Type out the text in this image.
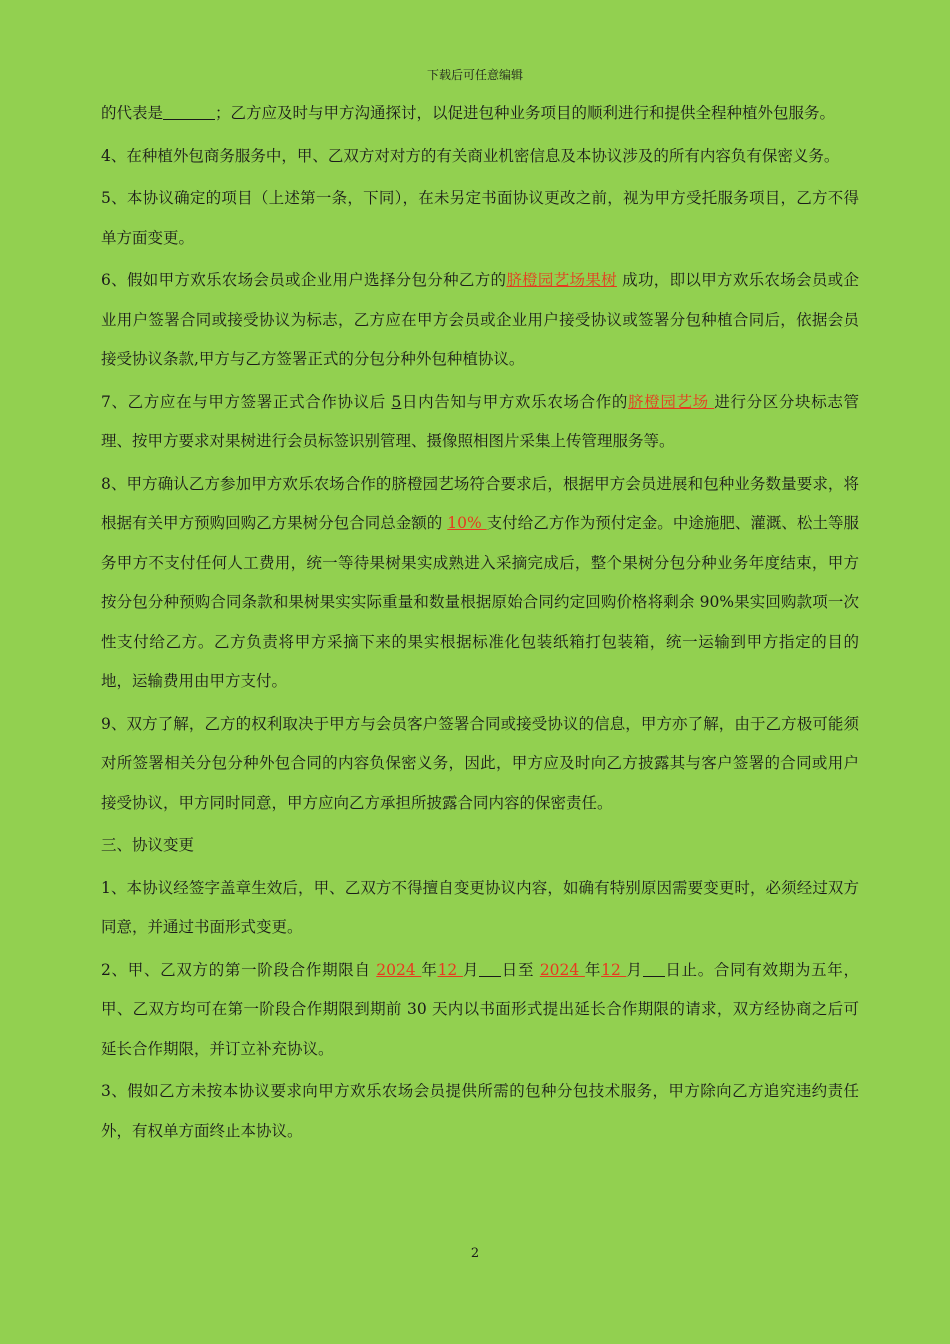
下载后可任意编辑

的代表是	；乙方应及时与甲方沟通探讨，以促进包种业务项目的顺利进行和提供全程种植外包服务。

4、在种植外包商务服务中，甲、乙双方对对方的有关商业机密信息及本协议涉及的所有内容负有保密义务。

5、本协议确定的项目（上述第一条，下同），在未另定书面协议更改之前，视为甲方受托服务项目，乙方不得单方面变更。

6、假如甲方欢乐农场会员或企业用户选择分包分种乙方的脐橙园艺场果树 成功，即以甲方欢乐农场会员或企业用户签署合同或接受协议为标志，乙方应在甲方会员或企业用户接受协议或签署分包种植合同后，依据会员接受协议条款,甲方与乙方签署正式的分包分种外包种植协议。

7、乙方应在与甲方签署正式合作协议后 5日内告知与甲方欢乐农场合作的脐橙园艺场 进行分区分块标志管理、按甲方要求对果树进行会员标签识别管理、摄像照相图片采集上传管理服务等。

8、甲方确认乙方参加甲方欢乐农场合作的脐橙园艺场符合要求后，根据甲方会员进展和包种业务数量要求，将根据有关甲方预购回购乙方果树分包合同总金额的 10% 支付给乙方作为预付定金。中途施肥、灌溉、松土等服务甲方不支付任何人工费用，统一等待果树果实成熟进入采摘完成后，整个果树分包分种业务年度结束，甲方按分包分种预购合同条款和果树果实实际重量和数量根据原始合同约定回购价格将剩余 90%果实回购款项一次性支付给乙方。乙方负责将甲方采摘下来的果实根据标准化包装纸箱打包装箱，统一运输到甲方指定的目的地，运输费用由甲方支付。

9、双方了解，乙方的权利取决于甲方与会员客户签署合同或接受协议的信息，甲方亦了解，由于乙方极可能须对所签署相关分包分种外包合同的内容负保密义务，因此，甲方应及时向乙方披露其与客户签署的合同或用户接受协议，甲方同时同意，甲方应向乙方承担所披露合同内容的保密责任。

三、协议变更

1、本协议经签字盖章生效后，甲、乙双方不得擅自变更协议内容，如确有特别原因需要变更时，必须经过双方同意，并通过书面形式变更。

2、甲、乙双方的第一阶段合作期限自 2024 年12 月 日至 2024 年12 月 日止。合同有效期为五年，甲、乙双方均可在第一阶段合作期限到期前 30 天内以书面形式提出延长合作期限的请求，双方经协商之后可延长合作期限，并订立补充协议。

3、假如乙方未按本协议要求向甲方欢乐农场会员提供所需的包种分包技术服务，甲方除向乙方追究违约责任外，有权单方面终止本协议。

2
